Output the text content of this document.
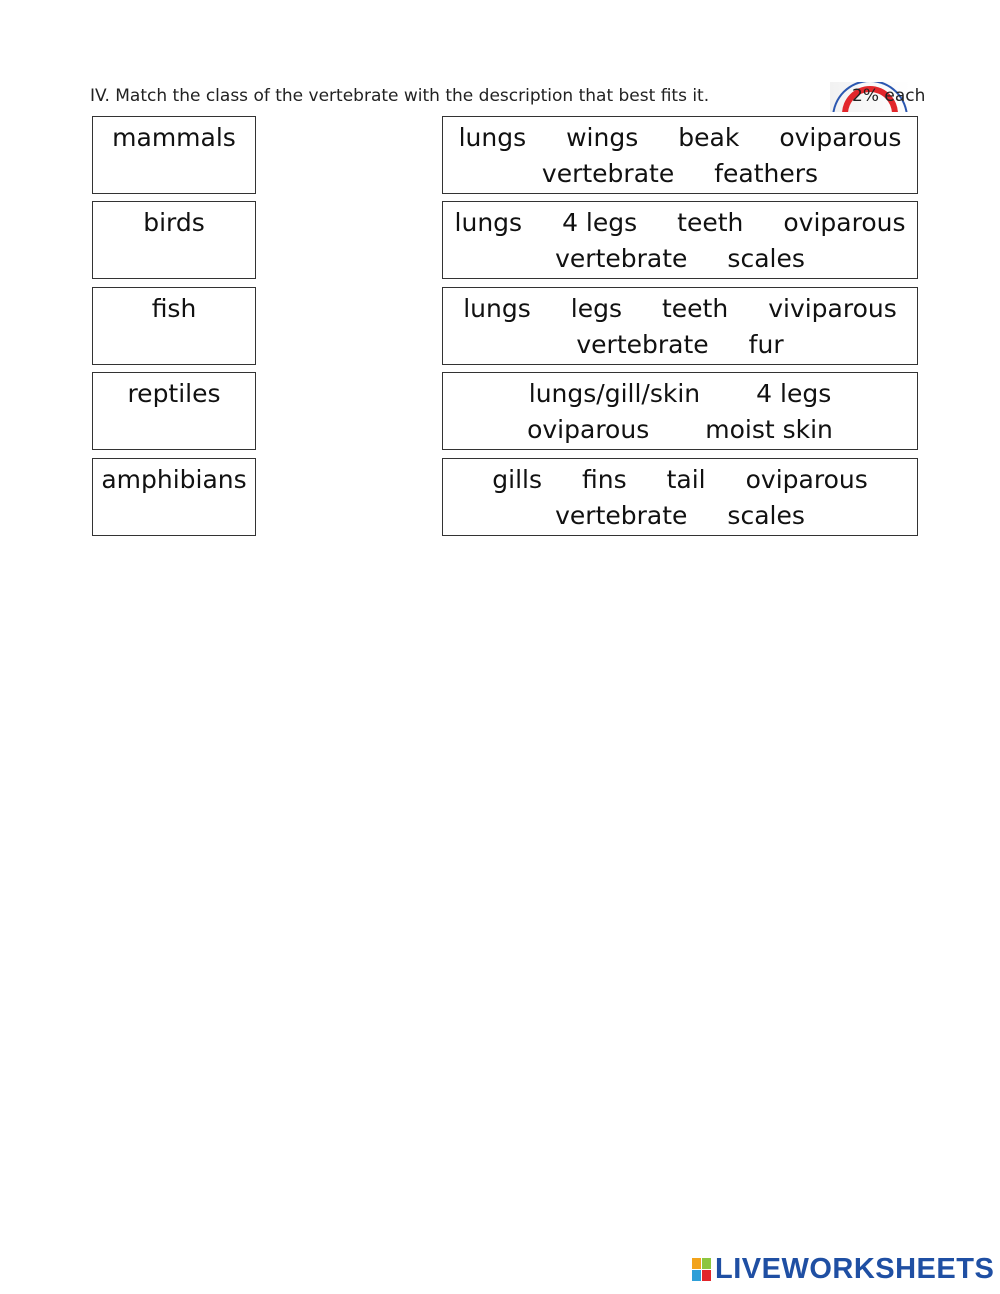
IV. Match the class of the vertebrate with the description that best fits it.	2% each
mammals
birds
fish
reptiles
amphibians
lungs wings beak oviparous
vertebrate feathers
lungs 4 legs teeth oviparous
vertebrate scales
lungs legs teeth viviparous
vertebrate fur
lungs/gill/skin 4 legs
oviparous moist skin
gills fins tail oviparous
vertebrate scales
LIVEWORKSHEETS
